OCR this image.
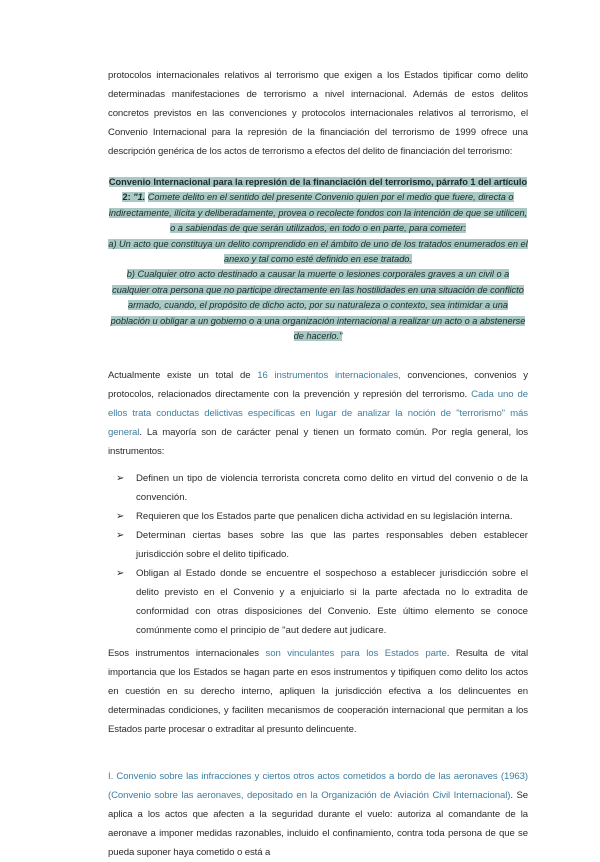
protocolos internacionales relativos al terrorismo que exigen a los Estados tipificar como delito determinadas manifestaciones de terrorismo a nivel internacional. Además de estos delitos concretos previstos en las convenciones y protocolos internacionales relativos al terrorismo, el Convenio Internacional para la represión de la financiación del terrorismo de 1999 ofrece una descripción genérica de los actos de terrorismo a efectos del delito de financiación del terrorismo:
Convenio Internacional para la represión de la financiación del terrorismo, párrafo 1 del artículo 2: "1. Comete delito en el sentido del presente Convenio quien por el medio que fuere, directa o indirectamente, ilícita y deliberadamente, provea o recolecte fondos con la intención de que se utilicen, o a sabiendas de que serán utilizados, en todo o en parte, para cometer:
a) Un acto que constituya un delito comprendido en el ámbito de uno de los tratados enumerados en el anexo y tal como esté definido en ese tratado.
b) Cualquier otro acto destinado a causar la muerte o lesiones corporales graves a un civil o a cualquier otra persona que no participe directamente en las hostilidades en una situación de conflicto armado, cuando, el propósito de dicho acto, por su naturaleza o contexto, sea intimidar a una población u obligar a un gobierno o a una organización internacional a realizar un acto o a abstenerse de hacerlo."
Actualmente existe un total de 16 instrumentos internacionales, convenciones, convenios y protocolos, relacionados directamente con la prevención y represión del terrorismo. Cada uno de ellos trata conductas delictivas específicas en lugar de analizar la noción de "terrorismo" más general. La mayoría son de carácter penal y tienen un formato común. Por regla general, los instrumentos:
➢ Definen un tipo de violencia terrorista concreta como delito en virtud del convenio o de la convención.
➢ Requieren que los Estados parte que penalicen dicha actividad en su legislación interna.
➢ Determinan ciertas bases sobre las que las partes responsables deben establecer jurisdicción sobre el delito tipificado.
➢ Obligan al Estado donde se encuentre el sospechoso a establecer jurisdicción sobre el delito previsto en el Convenio y a enjuiciarlo si la parte afectada no lo extradita de conformidad con otras disposiciones del Convenio. Este último elemento se conoce comúnmente como el principio de "aut dedere aut judicare.
Esos instrumentos internacionales son vinculantes para los Estados parte. Resulta de vital importancia que los Estados se hagan parte en esos instrumentos y tipifiquen como delito los actos en cuestión en su derecho interno, apliquen la jurisdicción efectiva a los delincuentes en determinadas condiciones, y faciliten mecanismos de cooperación internacional que permitan a los Estados parte procesar o extraditar al presunto delincuente.
I. Convenio sobre las infracciones y ciertos otros actos cometidos a bordo de las aeronaves (1963) (Convenio sobre las aeronaves, depositado en la Organización de Aviación Civil Internacional). Se aplica a los actos que afecten a la seguridad durante el vuelo: autoriza al comandante de la aeronave a imponer medidas razonables, incluido el confinamiento, contra toda persona de que se pueda suponer haya cometido o está a
